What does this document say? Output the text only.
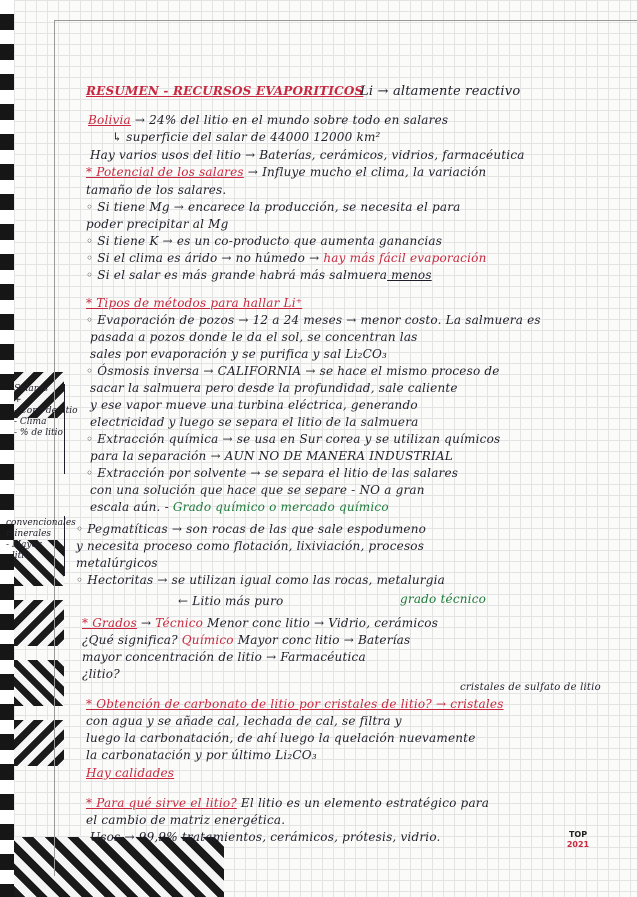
RESUMEN - RECURSOS EVAPORITICOS
Li → altamente reactivo
Bolivia → 24% del litio en el mundo sobre todo en salares
↳ superficie del salar de 44000 12000 km²
Hay varios usos del litio → Baterías, cerámicos, vidrios, farmacéutica
* Potencial de los salares → Influye mucho el clima, la variación
tamaño de los salares.
◦ Si tiene Mg → encarece la producción, se necesita el para
poder precipitar al Mg
◦ Si tiene K → es un co-producto que aumenta ganancias
◦ Si el clima es árido → no húmedo → hay más fácil evaporación
◦ Si el salar es más grande habrá más salmuera menos
* Tipos de métodos para hallar Li⁺
◦ Evaporación de pozos → 12 a 24 meses → menor costo. La salmuera es
pasada a pozos donde le da el sol, se concentran las
sales por evaporación y se purifica y sal Li₂CO₃
◦ Ósmosis inversa → CALIFORNIA → se hace el mismo proceso de
sacar la salmuera pero desde la profundidad, sale caliente
y ese vapor mueve una turbina eléctrica, generando
electricidad y luego se separa el litio de la salmuera
◦ Extracción química → se usa en Sur corea y se utilizan químicos
para la separación → AUN NO DE MANERA INDUSTRIAL
◦ Extracción por solvente → se separa el litio de las salares
con una solución que hace que se separe - NO a gran
escala aún. - Grado químico o mercado químico
◦ Pegmatíticas → son rocas de las que sale espodumeno
y necesita proceso como flotación, lixiviación, procesos
metalúrgicos
◦ Hectoritas → se utilizan igual como las rocas, metalurgia
grado técnico
← Litio más puro
* Grados → Técnico Menor conc litio → Vidrio, cerámicos
¿Qué significa? Químico Mayor conc litio → Baterías
mayor concentración de litio → Farmacéutica
¿litio?
cristales de sulfato de litio
* Obtención de carbonato de litio por cristales de litio? → cristales
con agua y se añade cal, lechada de cal, se filtra y
luego la carbonatación, de ahí luego la quelación nuevamente
la carbonatación y por último Li₂CO₃
Hay calidades
* Para qué sirve el litio? El litio es un elemento estratégico para
el cambio de matriz energética.
Usos → 99,9% tratamientos, cerámicos, prótesis, vidrio.
Salares
+
- Conc de litio
- Clima
- % de litio
convencionales
minerales
- Mayor
- litio
TOP
2021
